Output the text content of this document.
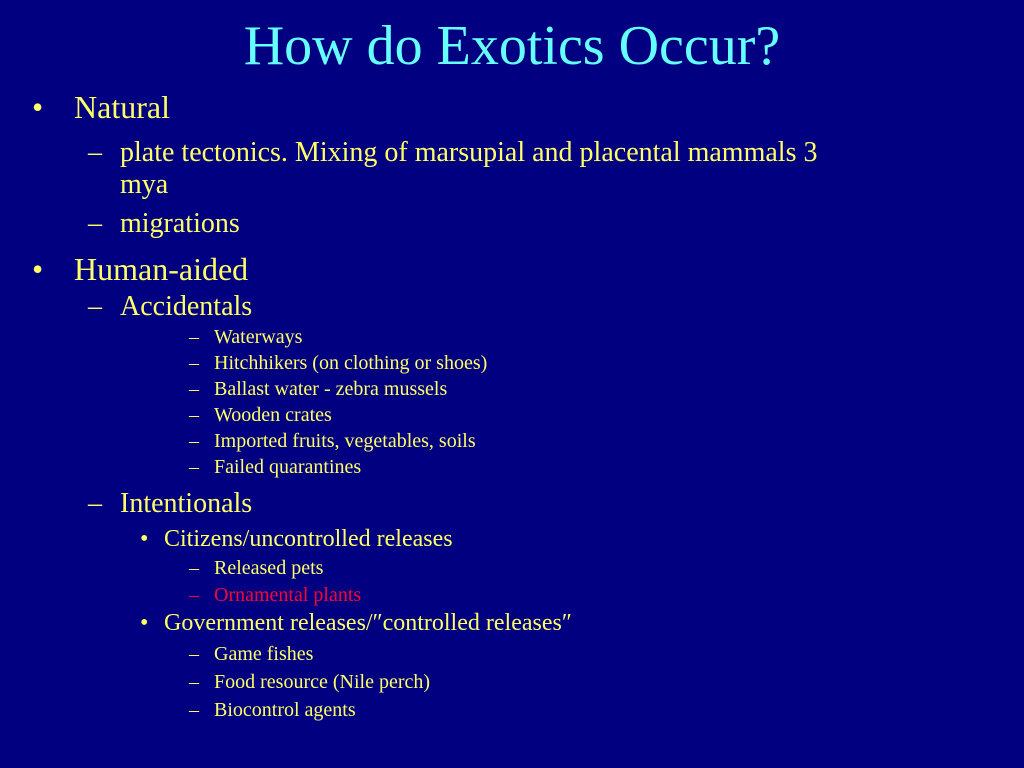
How do Exotics Occur?
• Natural
– plate tectonics. Mixing of marsupial and placental mammals 3
mya
– migrations
• Human-aided
– Accidentals
– Waterways
– Hitchhikers (on clothing or shoes)
– Ballast water - zebra mussels
– Wooden crates
– Imported fruits, vegetables, soils
– Failed quarantines
– Intentionals
• Citizens/uncontrolled releases
– Released pets
– Ornamental plants
• Government releases/″controlled releases″
– Game fishes
– Food resource (Nile perch)
– Biocontrol agents
